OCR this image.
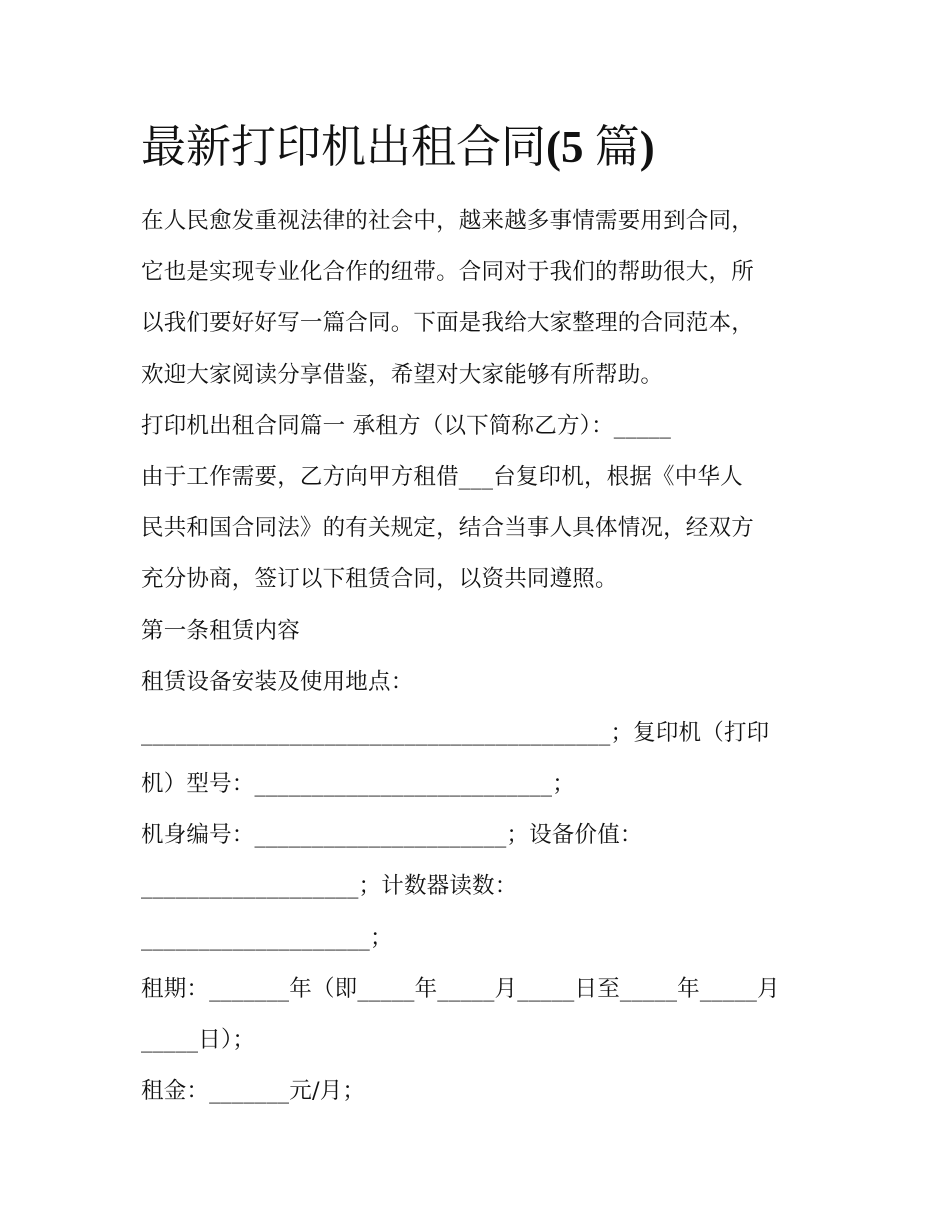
最新打印机出租合同(5 篇)
在人民愈发重视法律的社会中，越来越多事情需要用到合同，
它也是实现专业化合作的纽带。合同对于我们的帮助很大，所
以我们要好好写一篇合同。下面是我给大家整理的合同范本，
欢迎大家阅读分享借鉴，希望对大家能够有所帮助。
打印机出租合同篇一 承租方（以下简称乙方）：_____
由于工作需要，乙方向甲方租借___台复印机，根据《中华人
民共和国合同法》的有关规定，结合当事人具体情况，经双方
充分协商，签订以下租赁合同，以资共同遵照。
第一条租赁内容
租赁设备安装及使用地点：
_________________________________________；复印机（打印
机）型号：__________________________；
机身编号：______________________；设备价值：
___________________；计数器读数：
____________________；
租期：_______年（即_____年_____月_____日至_____年_____月
_____日）；
租金：_______元/月；
